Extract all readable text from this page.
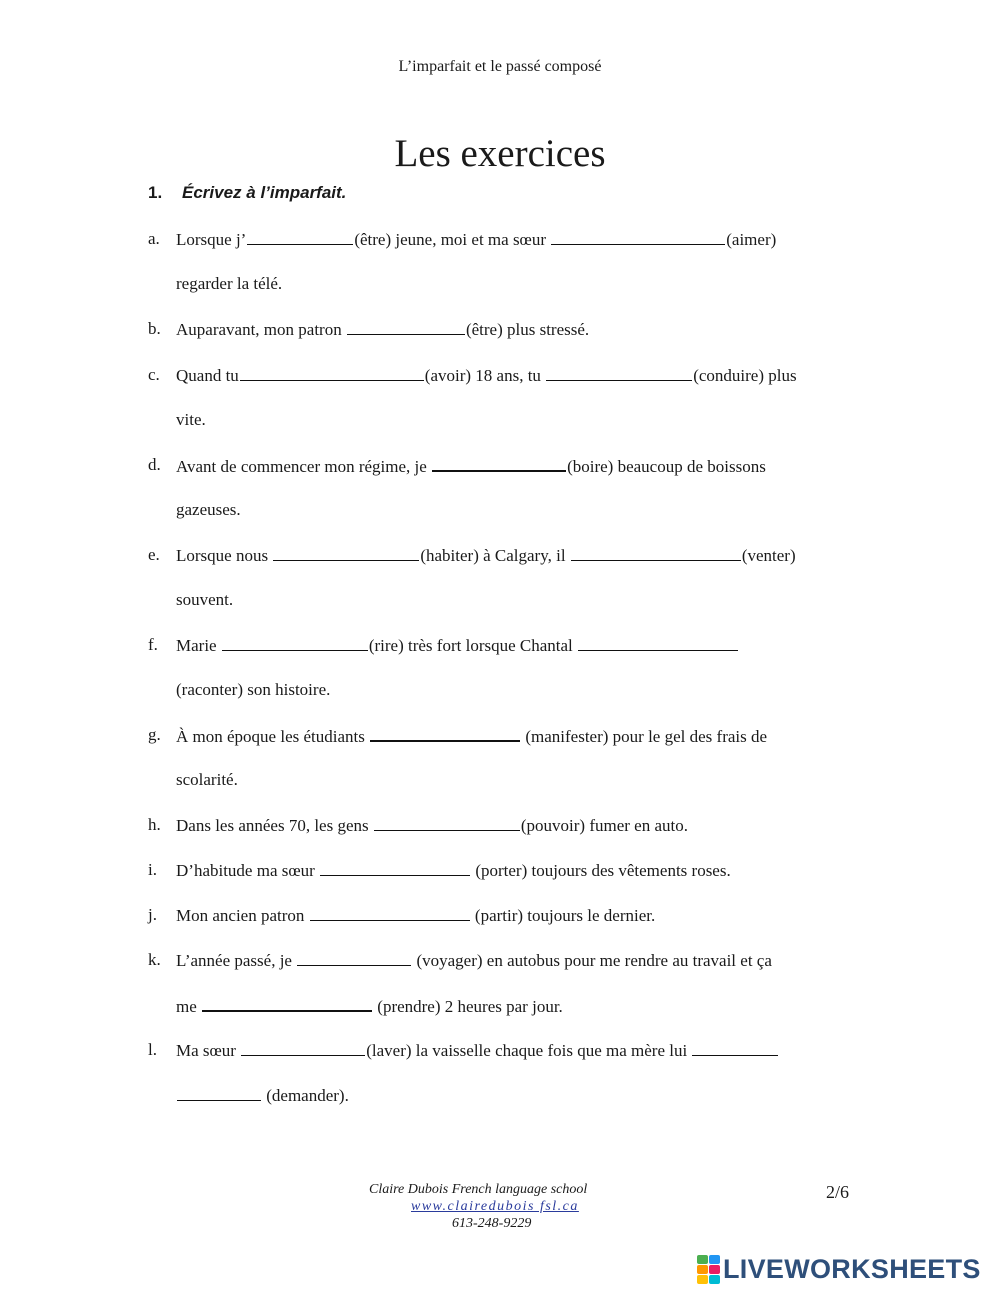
L’imparfait et le passé composé
Les exercices
1. Écrivez à l’imparfait.
a. Lorsque j’	(être) jeune, moi et ma sœur	(aimer)
regarder la télé.
b. Auparavant, mon patron	(être) plus stressé.
c. Quand tu	(avoir) 18 ans, tu	(conduire) plus
vite.
d. Avant de commencer mon régime, je	(boire) beaucoup de boissons
gazeuses.
e. Lorsque nous	(habiter) à Calgary, il	(venter)
souvent.
f. Marie	(rire) très fort lorsque Chantal
(raconter) son histoire.
g. À mon époque les étudiants	(manifester) pour le gel des frais de
scolarité.
h. Dans les années 70, les gens	(pouvoir) fumer en auto.
i. D’habitude ma sœur	(porter) toujours des vêtements roses.
j. Mon ancien patron	(partir) toujours le dernier.
k. L’année passé, je	(voyager) en autobus pour me rendre au travail et ça
me	(prendre) 2 heures par jour.
l. Ma sœur	(laver) la vaisselle chaque fois que ma mère lui
(demander).
Claire Dubois French language school
www.clairedubois fsl.ca
613-248-9229
2/6
LIVEWORKSHEETS
